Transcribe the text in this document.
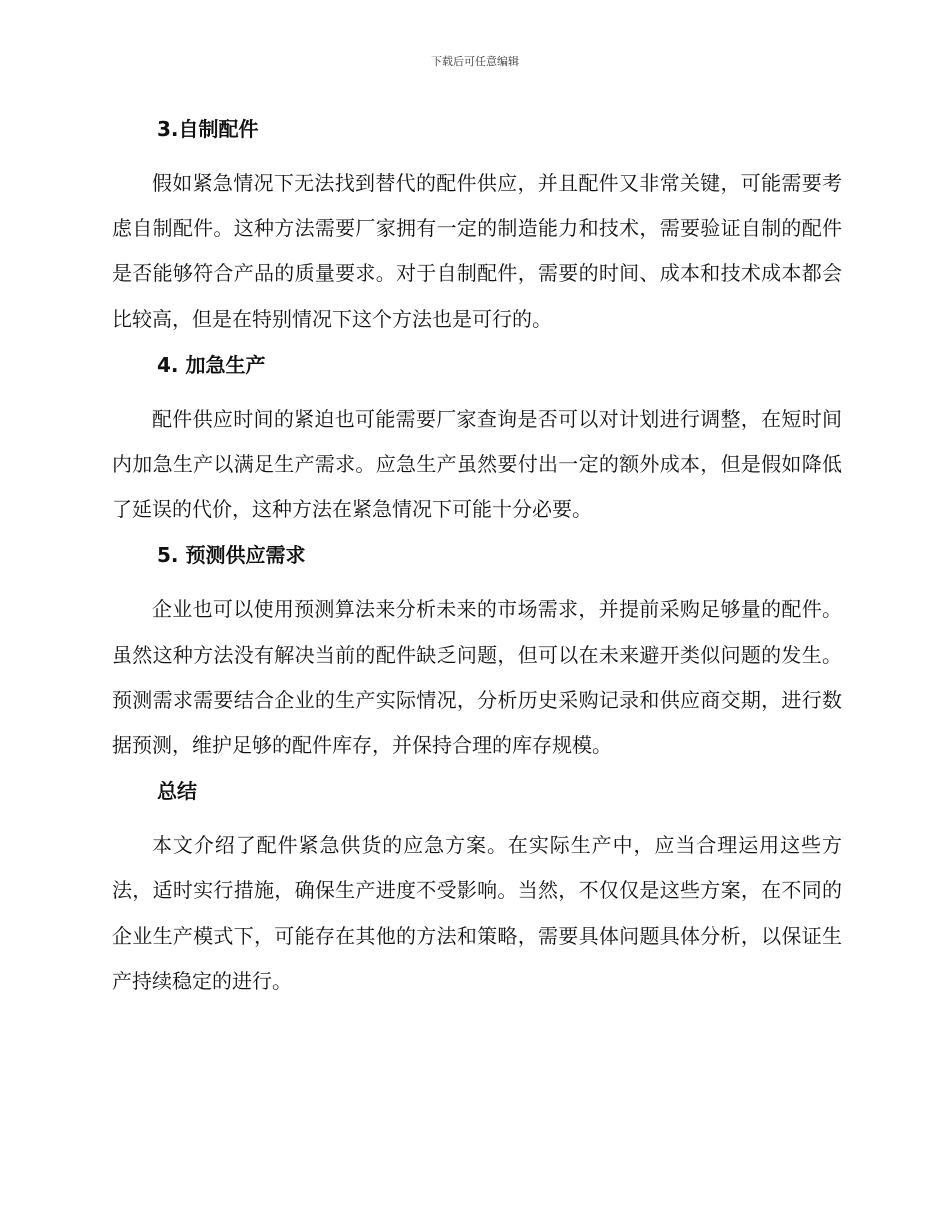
下载后可任意编辑
3.自制配件

假如紧急情况下无法找到替代的配件供应，并且配件又非常关键，可能需要考虑自制配件。这种方法需要厂家拥有一定的制造能力和技术，需要验证自制的配件是否能够符合产品的质量要求。对于自制配件，需要的时间、成本和技术成本都会比较高，但是在特别情况下这个方法也是可行的。

4. 加急生产

配件供应时间的紧迫也可能需要厂家查询是否可以对计划进行调整，在短时间内加急生产以满足生产需求。应急生产虽然要付出一定的额外成本，但是假如降低了延误的代价，这种方法在紧急情况下可能十分必要。

5. 预测供应需求

企业也可以使用预测算法来分析未来的市场需求，并提前采购足够量的配件。虽然这种方法没有解决当前的配件缺乏问题，但可以在未来避开类似问题的发生。预测需求需要结合企业的生产实际情况，分析历史采购记录和供应商交期，进行数据预测，维护足够的配件库存，并保持合理的库存规模。

总结

本文介绍了配件紧急供货的应急方案。在实际生产中，应当合理运用这些方法，适时实行措施，确保生产进度不受影响。当然，不仅仅是这些方案，在不同的企业生产模式下，可能存在其他的方法和策略，需要具体问题具体分析，以保证生产持续稳定的进行。
